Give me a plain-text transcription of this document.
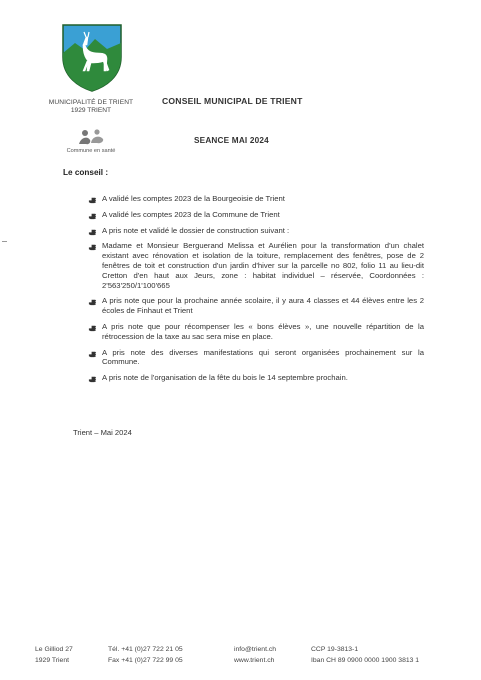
MUNICIPALITÉ DE TRIENT
1929 TRIENT
Commune en santé
CONSEIL MUNICIPAL DE TRIENT
SEANCE MAI 2024
Le conseil :
A validé les comptes 2023 de la Bourgeoisie de Trient
A validé les comptes 2023 de la Commune de Trient
A pris note et validé le dossier de construction suivant :
Madame et Monsieur Berguerand Melissa et Aurélien pour la transformation d'un chalet existant avec rénovation et isolation de la toiture, remplacement des fenêtres, pose de 2 fenêtres de toit et construction d'un jardin d'hiver sur la parcelle no 802, folio 11 au lieu-dit Cretton d'en haut aux Jeurs, zone : habitat individuel – réservée, Coordonnées : 2'563'250/1'100'665
A pris note que pour la prochaine année scolaire, il y aura 4 classes et 44 élèves entre les 2 écoles de Finhaut et Trient
A pris note que pour récompenser les « bons élèves », une nouvelle répartition de la rétrocession de la taxe au sac sera mise en place.
A pris note des diverses manifestations qui seront organisées prochainement sur la Commune.
A pris note de l'organisation de la fête du bois le 14 septembre prochain.
Trient – Mai 2024
Le Gilliod 27
1929 Trient
Tél. +41 (0)27 722 21 05
Fax +41 (0)27 722 99 05
info@trient.ch
www.trient.ch
CCP 19-3813-1
Iban CH 89 0900 0000 1900 3813 1
